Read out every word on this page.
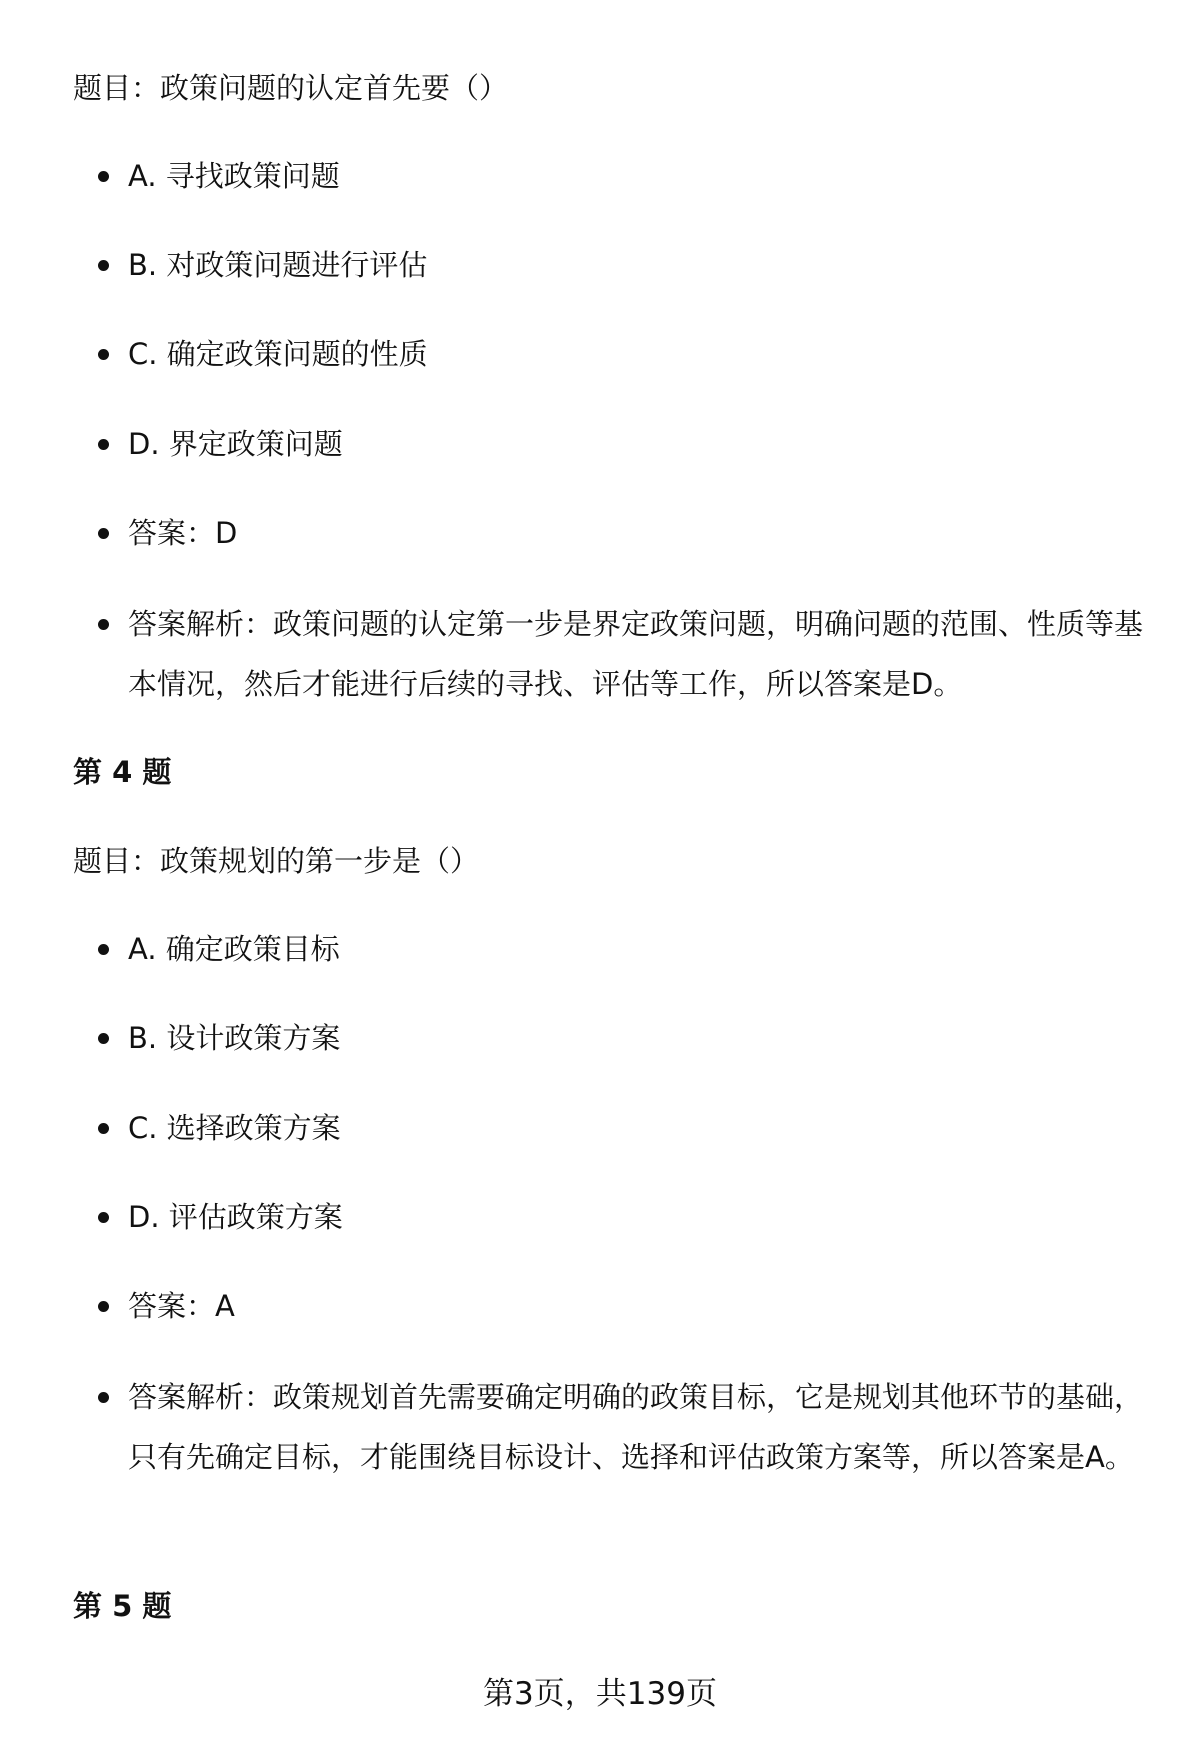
题目：政策问题的认定首先要（）
A. 寻找政策问题
B. 对政策问题进行评估
C. 确定政策问题的性质
D. 界定政策问题
答案：D
答案解析：政策问题的认定第一步是界定政策问题，明确问题的范围、性质等基本情况，然后才能进行后续的寻找、评估等工作，所以答案是D。
第 4 题
题目：政策规划的第一步是（）
A. 确定政策目标
B. 设计政策方案
C. 选择政策方案
D. 评估政策方案
答案：A
答案解析：政策规划首先需要确定明确的政策目标，它是规划其他环节的基础，只有先确定目标，才能围绕目标设计、选择和评估政策方案等，所以答案是A。
第 5 题
第3页，共139页
